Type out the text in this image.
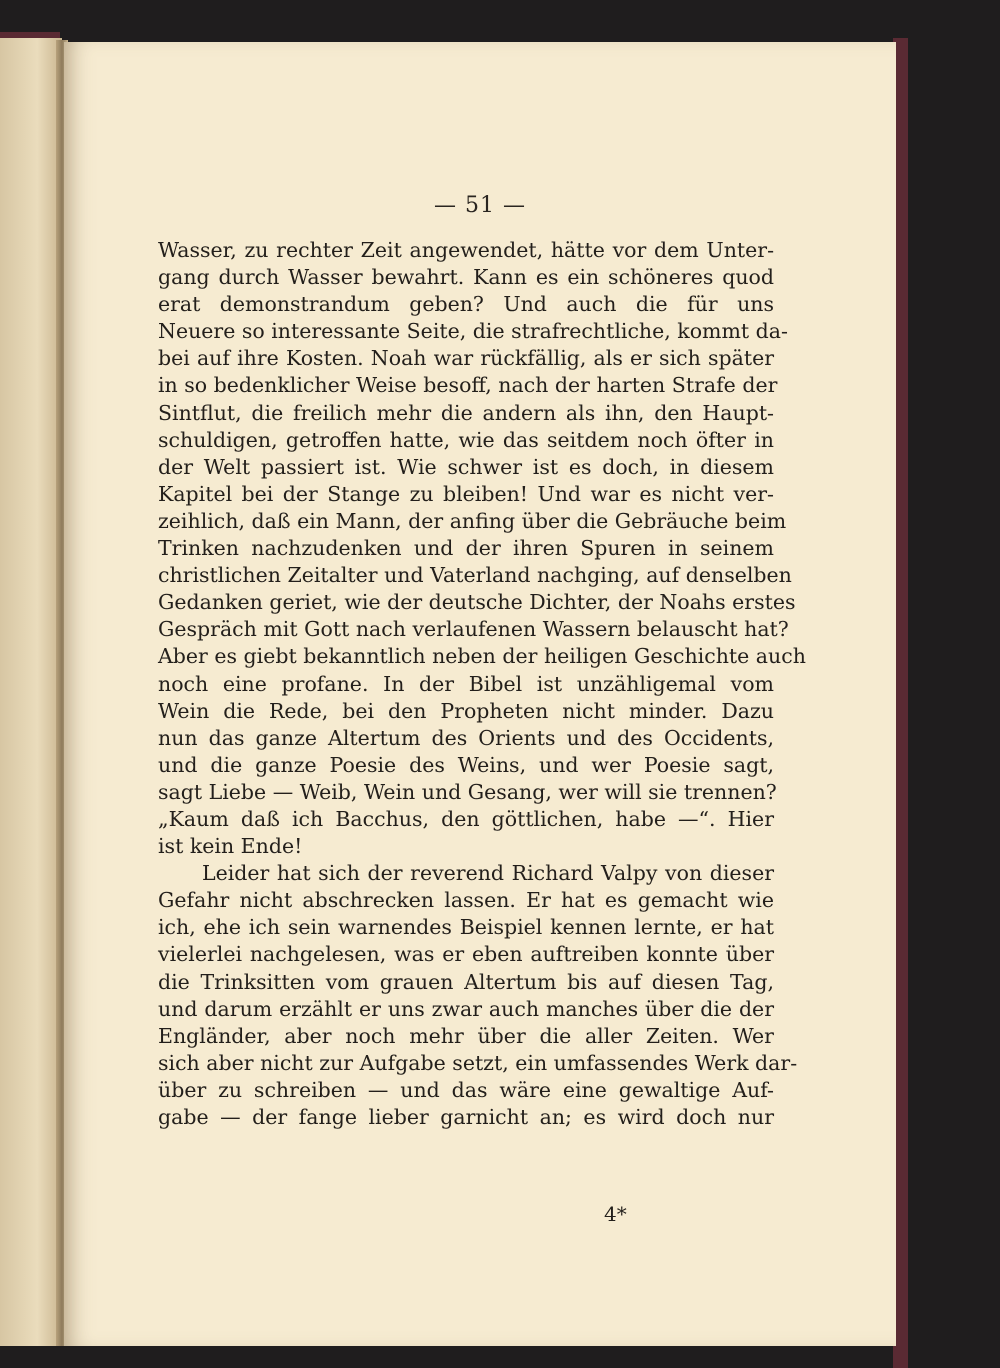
— 51 —
Wasser, zu rechter Zeit angewendet, hätte vor dem Unter-
gang durch Wasser bewahrt. Kann es ein schöneres quod
erat demonstrandum geben? Und auch die für uns
Neuere so interessante Seite, die strafrechtliche, kommt da-
bei auf ihre Kosten. Noah war rückfällig, als er sich später
in so bedenklicher Weise besoff, nach der harten Strafe der
Sintflut, die freilich mehr die andern als ihn, den Haupt-
schuldigen, getroffen hatte, wie das seitdem noch öfter in
der Welt passiert ist. Wie schwer ist es doch, in diesem
Kapitel bei der Stange zu bleiben! Und war es nicht ver-
zeihlich, daß ein Mann, der anfing über die Gebräuche beim
Trinken nachzudenken und der ihren Spuren in seinem
christlichen Zeitalter und Vaterland nachging, auf denselben
Gedanken geriet, wie der deutsche Dichter, der Noahs erstes
Gespräch mit Gott nach verlaufenen Wassern belauscht hat?
Aber es giebt bekanntlich neben der heiligen Geschichte auch
noch eine profane. In der Bibel ist unzähligemal vom
Wein die Rede, bei den Propheten nicht minder. Dazu
nun das ganze Altertum des Orients und des Occidents,
und die ganze Poesie des Weins, und wer Poesie sagt,
sagt Liebe — Weib, Wein und Gesang, wer will sie trennen?
„Kaum daß ich Bacchus, den göttlichen, habe —“. Hier
ist kein Ende!
Leider hat sich der reverend Richard Valpy von dieser
Gefahr nicht abschrecken lassen. Er hat es gemacht wie
ich, ehe ich sein warnendes Beispiel kennen lernte, er hat
vielerlei nachgelesen, was er eben auftreiben konnte über
die Trinksitten vom grauen Altertum bis auf diesen Tag,
und darum erzählt er uns zwar auch manches über die der
Engländer, aber noch mehr über die aller Zeiten. Wer
sich aber nicht zur Aufgabe setzt, ein umfassendes Werk dar-
über zu schreiben — und das wäre eine gewaltige Auf-
gabe — der fange lieber garnicht an; es wird doch nur
4*
